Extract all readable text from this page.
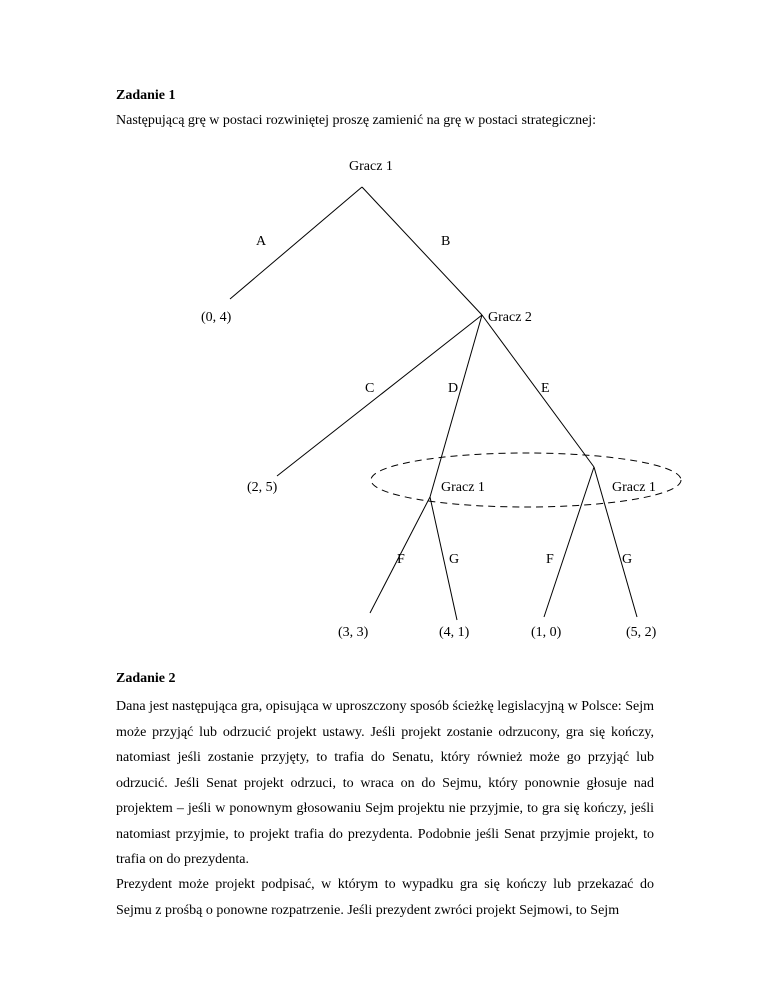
Zadanie 1

Następującą grę w postaci rozwiniętej proszę zamienić na grę w postaci strategicznej:

Gracz 1
A	B
(0, 4)	Gracz 2
C	D	E
(2, 5)	Gracz 1	Gracz 1
F	G	F	G
(3, 3)	(4, 1)	(1, 0)	(5, 2)

Zadanie 2

Dana jest następująca gra, opisująca w uproszczony sposób ścieżkę legislacyjną w Polsce: Sejm może przyjąć lub odrzucić projekt ustawy. Jeśli projekt zostanie odrzucony, gra się kończy, natomiast jeśli zostanie przyjęty, to trafia do Senatu, który również może go przyjąć lub odrzucić. Jeśli Senat projekt odrzuci, to wraca on do Sejmu, który ponownie głosuje nad projektem – jeśli w ponownym głosowaniu Sejm projektu nie przyjmie, to gra się kończy, jeśli natomiast przyjmie, to projekt trafia do prezydenta. Podobnie jeśli Senat przyjmie projekt, to trafia on do prezydenta.

Prezydent może projekt podpisać, w którym to wypadku gra się kończy lub przekazać do Sejmu z prośbą o ponowne rozpatrzenie. Jeśli prezydent zwróci projekt Sejmowi, to Sejm
